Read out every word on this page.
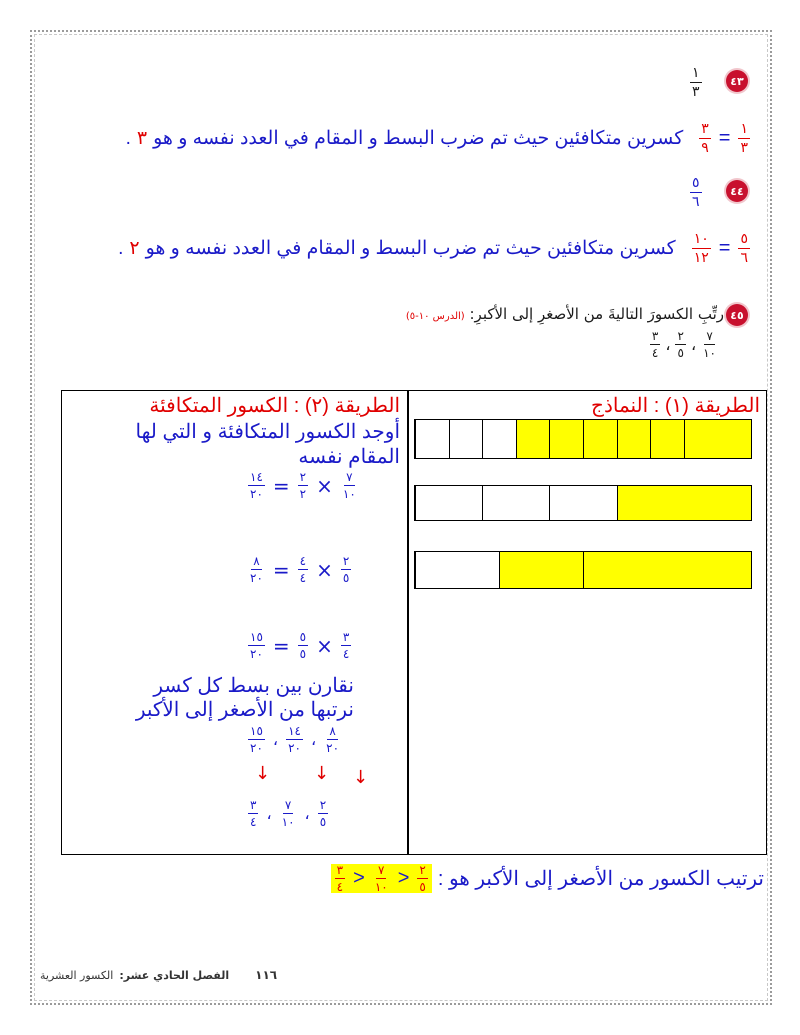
٤٣
$\frac{١}{٣}$
$\frac{١}{٣}$
=
$\frac{٣}{٩}$
كسرين متكافئين حيث تم ضرب البسط و المقام في العدد نفسه و هو
٣
.
٤٤
$\frac{٥}{٦}$
$\frac{٥}{٦}$
=
$\frac{١٠}{١٢}$
كسرين متكافئين حيث تم ضرب البسط و المقام في العدد نفسه و هو
٢
.
٤٥
رتِّبِ الكسورَ التاليةَ من الأصغرِ إلى الأكبرِ: (الدرس ١٠-٥)
$\frac{٧}{١٠}$
،
$\frac{٢}{٥}$
،
$\frac{٣}{٤}$
الطريقة (١) : النماذج
الطريقة (٢) : الكسور المتكافئة
أوجد الكسور المتكافئة و التي لها
المقام نفسه
$\frac{١٤}{٢٠} = \frac{٢}{٢} \times \frac{٧}{١٠}$
$\frac{٨}{٢٠} = \frac{٤}{٤} \times \frac{٢}{٥}$
$\frac{١٥}{٢٠} = \frac{٥}{٥} \times \frac{٣}{٤}$
نقارن بين بسط كل كسر
نرتبها من الأصغر إلى الأكبر
$\frac{٨}{٢٠}$
،
$\frac{١٤}{٢٠}$
،
$\frac{١٥}{٢٠}$
↓
↓
↓
$\frac{٢}{٥}$
،
$\frac{٧}{١٠}$
،
$\frac{٣}{٤}$
ترتيب الكسور من الأصغر إلى الأكبر هو :
$\frac{٢}{٥}$
<
$\frac{٧}{١٠}$
<
$\frac{٣}{٤}$
١١٦
الفصل الحادي عشر:
الكسور العشرية
